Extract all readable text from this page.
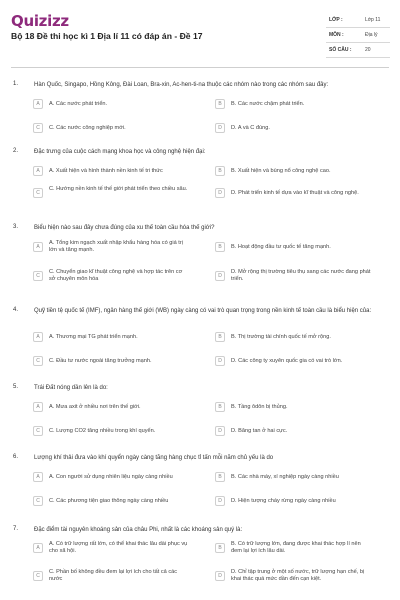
Quizizz
Bộ 18 Đề thi học kì 1 Địa lí 11 có đáp án - Đề 17
LỚP :	Lớp 11
MÔN :	Địa lý
SỐ CÂU :	20
1.	Hàn Quốc, Singapo, Hồng Kông, Đài Loan, Bra-xin, Ac-hen-ti-na thuộc các nhóm nào trong các nhóm sau đây:
A	A. Các nước phát triển.	B	B. Các nước chậm phát triển.
C	C. Các nước công nghiệp mới.	D	D. A và C đúng.
2.	Đặc trưng của cuộc cách mạng khoa học và công nghệ hiện đại:
A	A. Xuất hiện và hình thành nền kinh tế tri thức	B	B. Xuất hiện và bùng nổ công nghệ cao.
C
C. Hướng nền kinh tế thế giới phát triển theo chiều sâu.
D	D. Phát triển kinh tế dựa vào kĩ thuật và công nghệ.
3.	Biểu hiện nào sau đây chưa đúng của xu thế toàn cầu hóa thế giới?
A
A. Tổng kim ngạch xuất nhập khẩu hàng hóa có giá trị lớn và tăng mạnh.	B	B. Hoạt động đầu tư quốc tế tăng mạnh.
C
C. Chuyển giao kĩ thuật công nghệ và hợp tác trên cơ sở chuyên môn hóa	D
D. Mở rộng thị trường tiêu thụ sang các nước đang phát triển.
4.	Quỹ tiền tệ quốc tế (IMF), ngân hàng thế giới (WB) ngày càng có vai trò quan trọng trong nền kinh tế toàn cầu là biểu hiện của:
A	A. Thương mại TG phát triển mạnh.	B	B. Thị trường tài chính quốc tế mở rộng.
C	C. Đầu tư nước ngoài tăng trưởng mạnh.	D	D. Các công ty xuyên quốc gia có vai trò lớn.
5.	Trái Đất nóng dần lên là do:
A	A. Mưa axit ở nhiều nơi trên thế giới.	B	B. Tầng ôdôn bị thủng.
C	C. Lượng CO2 tăng nhiều trong khí quyển.	D	D. Băng tan ở hai cực.
6.	Lượng khí thải đưa vào khí quyển ngày càng tăng hàng chục tỉ tấn mỗi năm chủ yếu là do
A	A. Con người sử dụng nhiên liệu ngày càng nhiều	B	B. Các nhà máy, xí nghiệp ngày càng nhiều
C	C. Các phương tiện giao thông ngày càng nhiều	D	D. Hiện tượng cháy rừng ngày càng nhiều
7.	Đặc điểm tài nguyên khoáng sản của châu Phi, nhất là các khoáng sản quý là:
A
A. Có trữ lượng rất lớn, có thể khai thác lâu dài phục vụ cho xã hội.	B
B. Có trữ lượng lớn, đang được khai thác hợp lí nên đem lại lợi ích lâu dài.
C
C. Phần bố không đều đem lại lợi ích cho tất cả các nước	D
D. Chỉ tập trung ở một số nước, trữ lượng hạn chế, bị khai thác quá mức dần đến cạn kiệt.
